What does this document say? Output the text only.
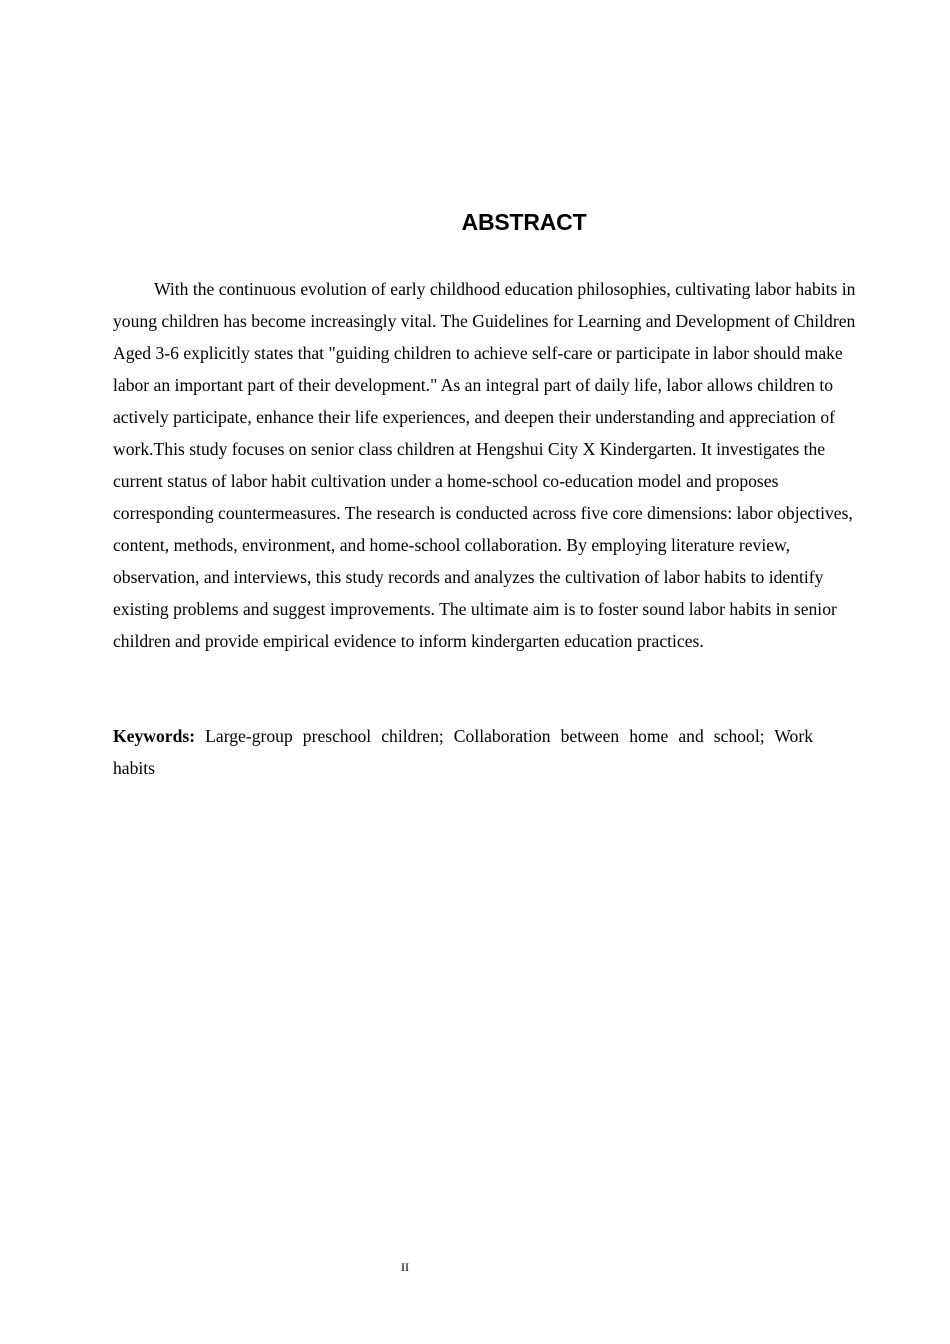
ABSTRACT

With the continuous evolution of early childhood education philosophies, cultivating labor habits in young children has become increasingly vital. The Guidelines for Learning and Development of Children Aged 3-6 explicitly states that "guiding children to achieve self-care or participate in labor should make labor an important part of their development." As an integral part of daily life, labor allows children to actively participate, enhance their life experiences, and deepen their understanding and appreciation of work.This study focuses on senior class children at Hengshui City X Kindergarten. It investigates the current status of labor habit cultivation under a home-school co-education model and proposes corresponding countermeasures. The research is conducted across five core dimensions: labor objectives, content, methods, environment, and home-school collaboration. By employing literature review, observation, and interviews, this study records and analyzes the cultivation of labor habits to identify existing problems and suggest improvements. The ultimate aim is to foster sound labor habits in senior children and provide empirical evidence to inform kindergarten education practices.

Keywords: Large-group preschool children; Collaboration between home and school; Work habits

II
